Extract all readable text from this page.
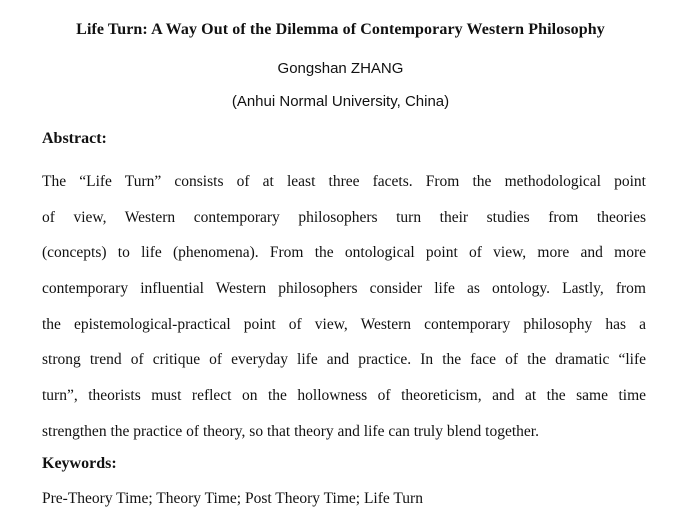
Life Turn: A Way Out of the Dilemma of Contemporary Western Philosophy
Gongshan ZHANG
(Anhui Normal University, China)
Abstract:
The “Life Turn” consists of at least three facets. From the methodological point
of view, Western contemporary philosophers turn their studies from theories
(concepts) to life (phenomena). From the ontological point of view, more and more
contemporary influential Western philosophers consider life as ontology. Lastly, from
the epistemological-practical point of view, Western contemporary philosophy has a
strong trend of critique of everyday life and practice. In the face of the dramatic “life
turn”, theorists must reflect on the hollowness of theoreticism, and at the same time
strengthen the practice of theory, so that theory and life can truly blend together.
Keywords:
Pre-Theory Time; Theory Time; Post Theory Time; Life Turn
